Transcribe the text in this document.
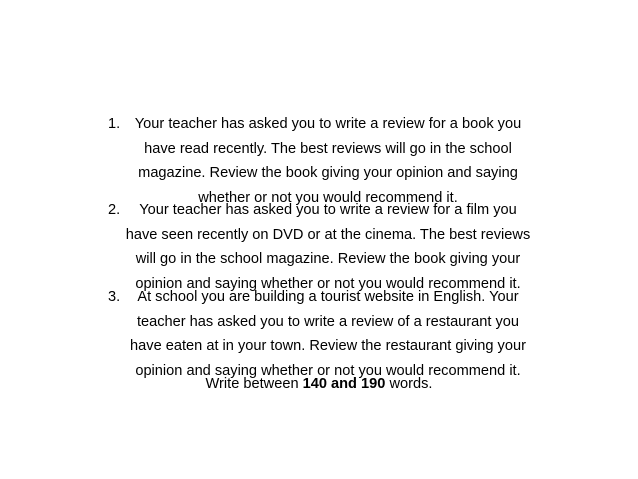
1.	Your teacher has asked you to write a review for a book you
have read recently. The best reviews will go in the school
magazine. Review the book giving your opinion and saying
whether or not you would recommend it.
2.	Your teacher has asked you to write a review for a film you
have seen recently on DVD or at the cinema. The best reviews
will go in the school magazine. Review the book giving your
opinion and saying whether or not you would recommend it.
3.	At school you are building a tourist website in English. Your
teacher has asked you to write a review of a restaurant you
have eaten at in your town. Review the restaurant giving your
opinion and saying whether or not you would recommend it.
Write between 140 and 190 words.
